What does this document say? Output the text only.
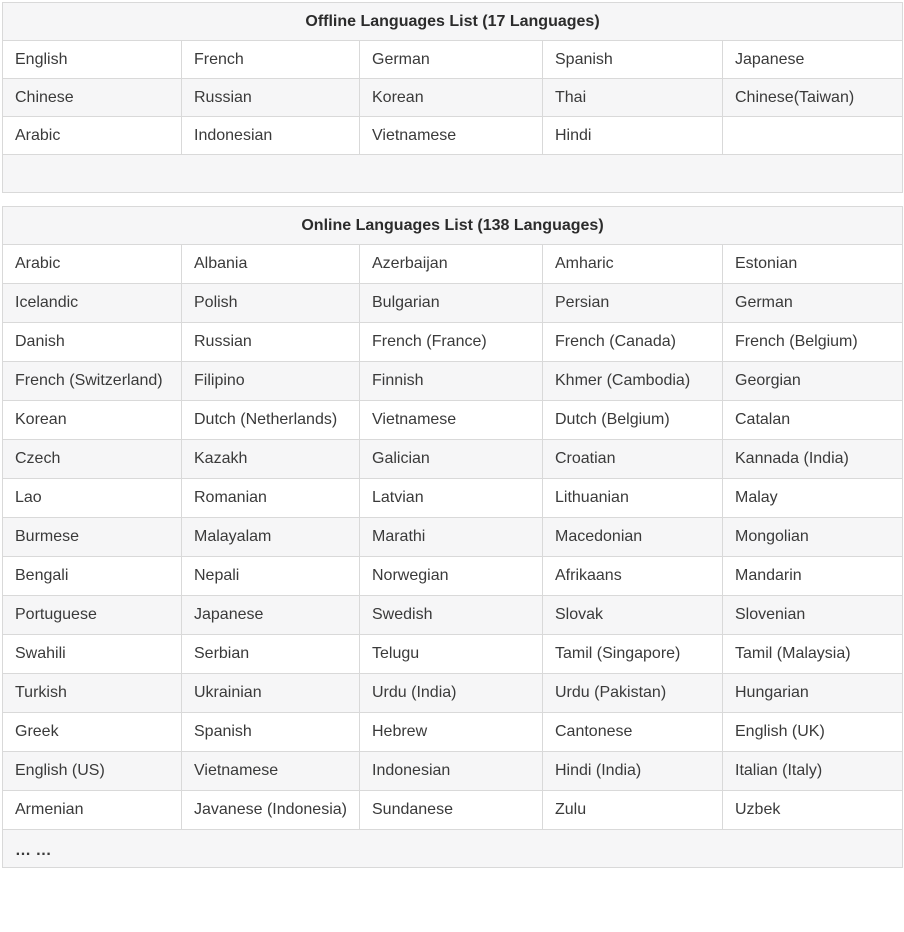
Offline Languages List (17 Languages)				
English	French	German	Spanish	Japanese
Chinese	Russian	Korean	Thai	Chinese(Taiwan)
Arabic	Indonesian	Vietnamese	Hindi	

Online Languages List (138 Languages)				
Arabic	Albania	Azerbaijan	Amharic	Estonian
Icelandic	Polish	Bulgarian	Persian	German
Danish	Russian	French (France)	French (Canada)	French (Belgium)
French (Switzerland)	Filipino	Finnish	Khmer (Cambodia)	Georgian
Korean	Dutch (Netherlands)	Vietnamese	Dutch (Belgium)	Catalan
Czech	Kazakh	Galician	Croatian	Kannada (India)
Lao	Romanian	Latvian	Lithuanian	Malay
Burmese	Malayalam	Marathi	Macedonian	Mongolian
Bengali	Nepali	Norwegian	Afrikaans	Mandarin
Portuguese	Japanese	Swedish	Slovak	Slovenian
Swahili	Serbian	Telugu	Tamil (Singapore)	Tamil (Malaysia)
Turkish	Ukrainian	Urdu (India)	Urdu (Pakistan)	Hungarian
Greek	Spanish	Hebrew	Cantonese	English (UK)
English (US)	Vietnamese	Indonesian	Hindi (India)	Italian (Italy)
Armenian	Javanese (Indonesia)	Sundanese	Zulu	Uzbek
… …				
